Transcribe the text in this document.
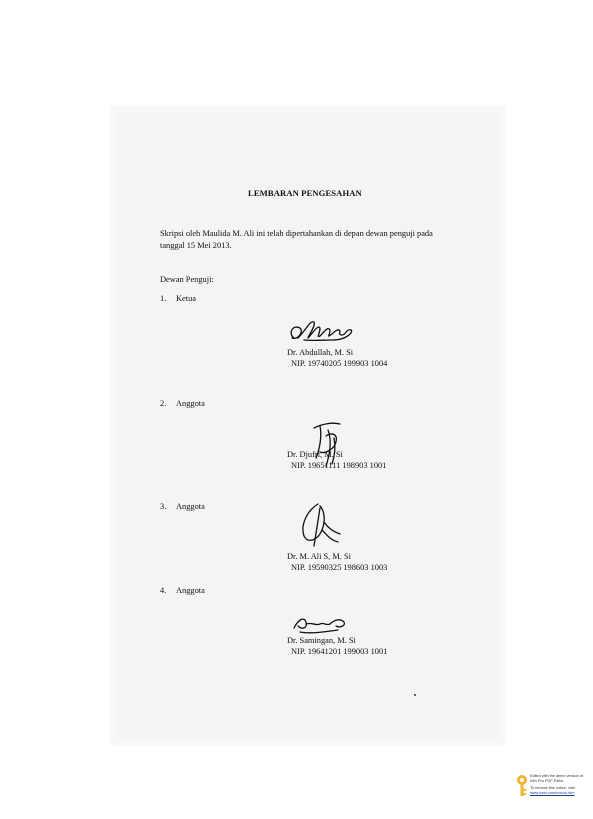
LEMBARAN PENGESAHAN
Skripsi oleh Maulida M. Ali ini telah dipertahankan di depan dewan penguji pada
tanggal 15 Mei 2013.
Dewan Penguji:
1. Ketua
Dr. Abdullah, M. Si
NIP. 19740205 199903 1004
2. Anggota
Dr. Djufri, M. Si
NIP. 19651111 198903 1001
3. Anggota
Dr. M. Ali S, M. Si
NIP. 19590325 198603 1003
4. Anggota
Dr. Samingan, M. Si
NIP. 19641201 199003 1001
Edited with the demo version of
Infix Pro PDF Editor
To remove this notice, visit:
www.iceni.com/unlock.htm
